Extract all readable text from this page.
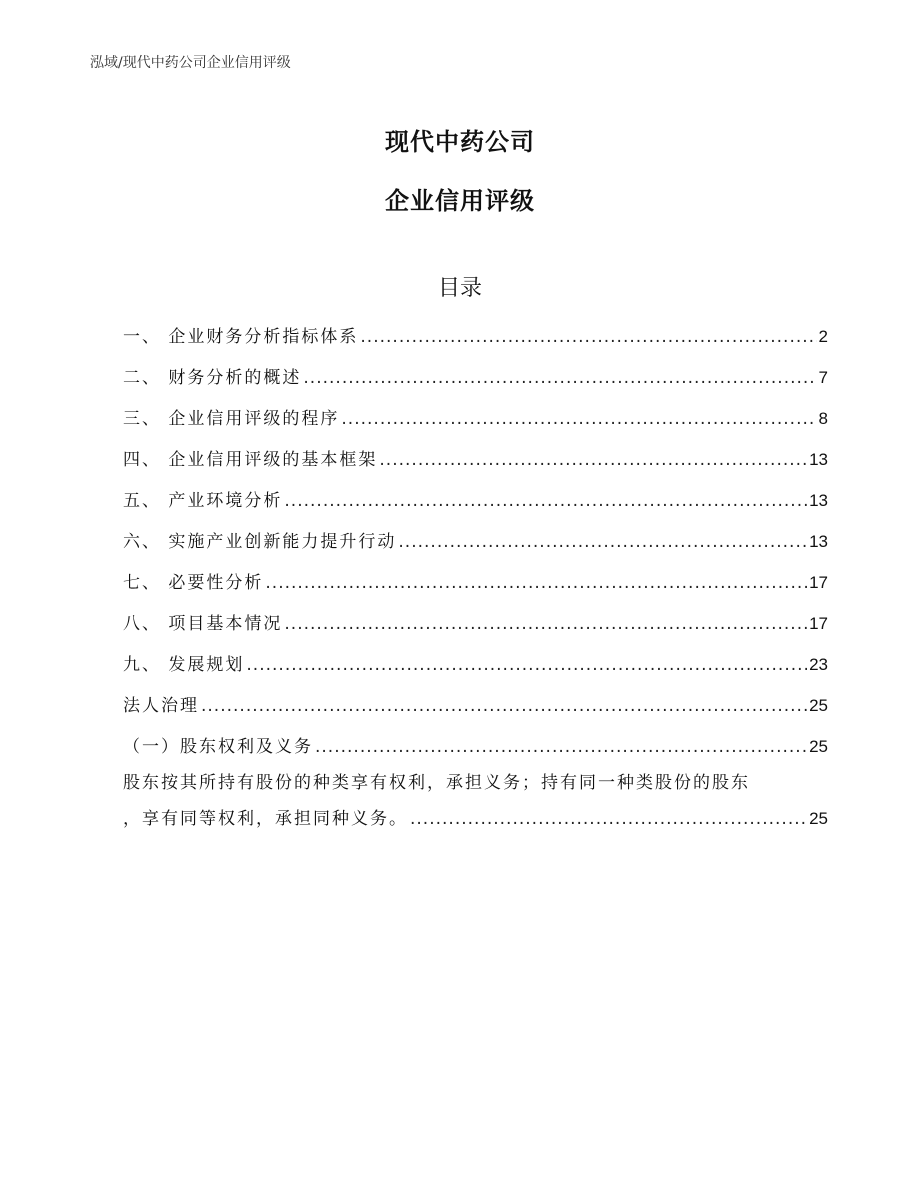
泓域/现代中药公司企业信用评级
现代中药公司
企业信用评级
目录
一、 企业财务分析指标体系 .....	2
二、 财务分析的概述 .....	7
三、 企业信用评级的程序 .....	8
四、 企业信用评级的基本框架 .....	13
五、 产业环境分析 .....	13
六、 实施产业创新能力提升行动 .....	13
七、 必要性分析 .....	17
八、 项目基本情况 .....	17
九、 发展规划 .....	23
法人治理 .....	25
（一）股东权利及义务 .....	25
股东按其所持有股份的种类享有权利，承担义务；持有同一种类股份的股东
，享有同等权利，承担同种义务。 .....	25
